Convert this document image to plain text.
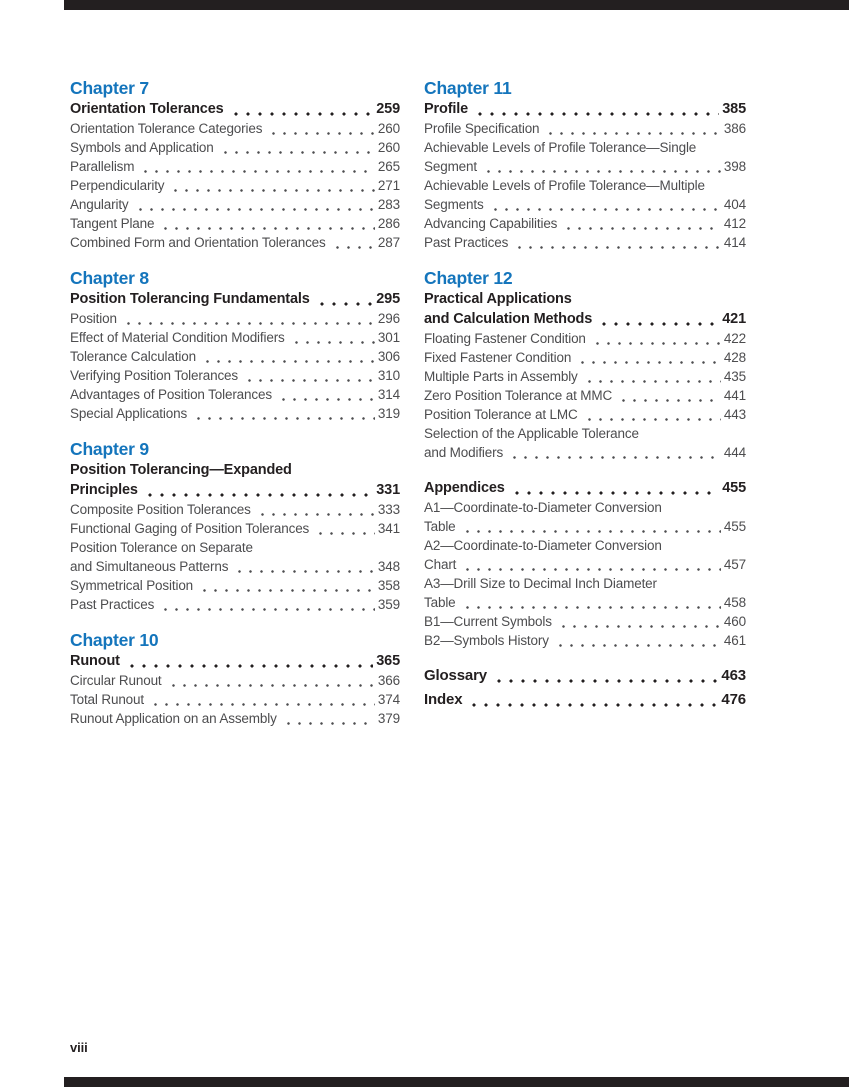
Chapter 7
Orientation Tolerances	259
Orientation Tolerance Categories	260
Symbols and Application	260
Parallelism	265
Perpendicularity	271
Angularity	283
Tangent Plane	286
Combined Form and Orientation Tolerances	287
Chapter 8
Position Tolerancing Fundamentals	295
Position	296
Effect of Material Condition Modifiers	301
Tolerance Calculation	306
Verifying Position Tolerances	310
Advantages of Position Tolerances	314
Special Applications	319
Chapter 9
Position Tolerancing—Expanded
Principles	331
Composite Position Tolerances	333
Functional Gaging of Position Tolerances	341
Position Tolerance on Separate
and Simultaneous Patterns	348
Symmetrical Position	358
Past Practices	359
Chapter 10
Runout	365
Circular Runout	366
Total Runout	374
Runout Application on an Assembly	379
Chapter 11
Profile	385
Profile Specification	386
Achievable Levels of Profile Tolerance—Single
Segment	398
Achievable Levels of Profile Tolerance—Multiple
Segments	404
Advancing Capabilities	412
Past Practices	414
Chapter 12
Practical Applications
and Calculation Methods	421
Floating Fastener Condition	422
Fixed Fastener Condition	428
Multiple Parts in Assembly	435
Zero Position Tolerance at MMC	441
Position Tolerance at LMC	443
Selection of the Applicable Tolerance
and Modifiers	444
Appendices	455
A1—Coordinate-to-Diameter Conversion
Table	455
A2—Coordinate-to-Diameter Conversion
Chart	457
A3—Drill Size to Decimal Inch Diameter
Table	458
B1—Current Symbols	460
B2—Symbols History	461
Glossary	463
Index	476
viii
